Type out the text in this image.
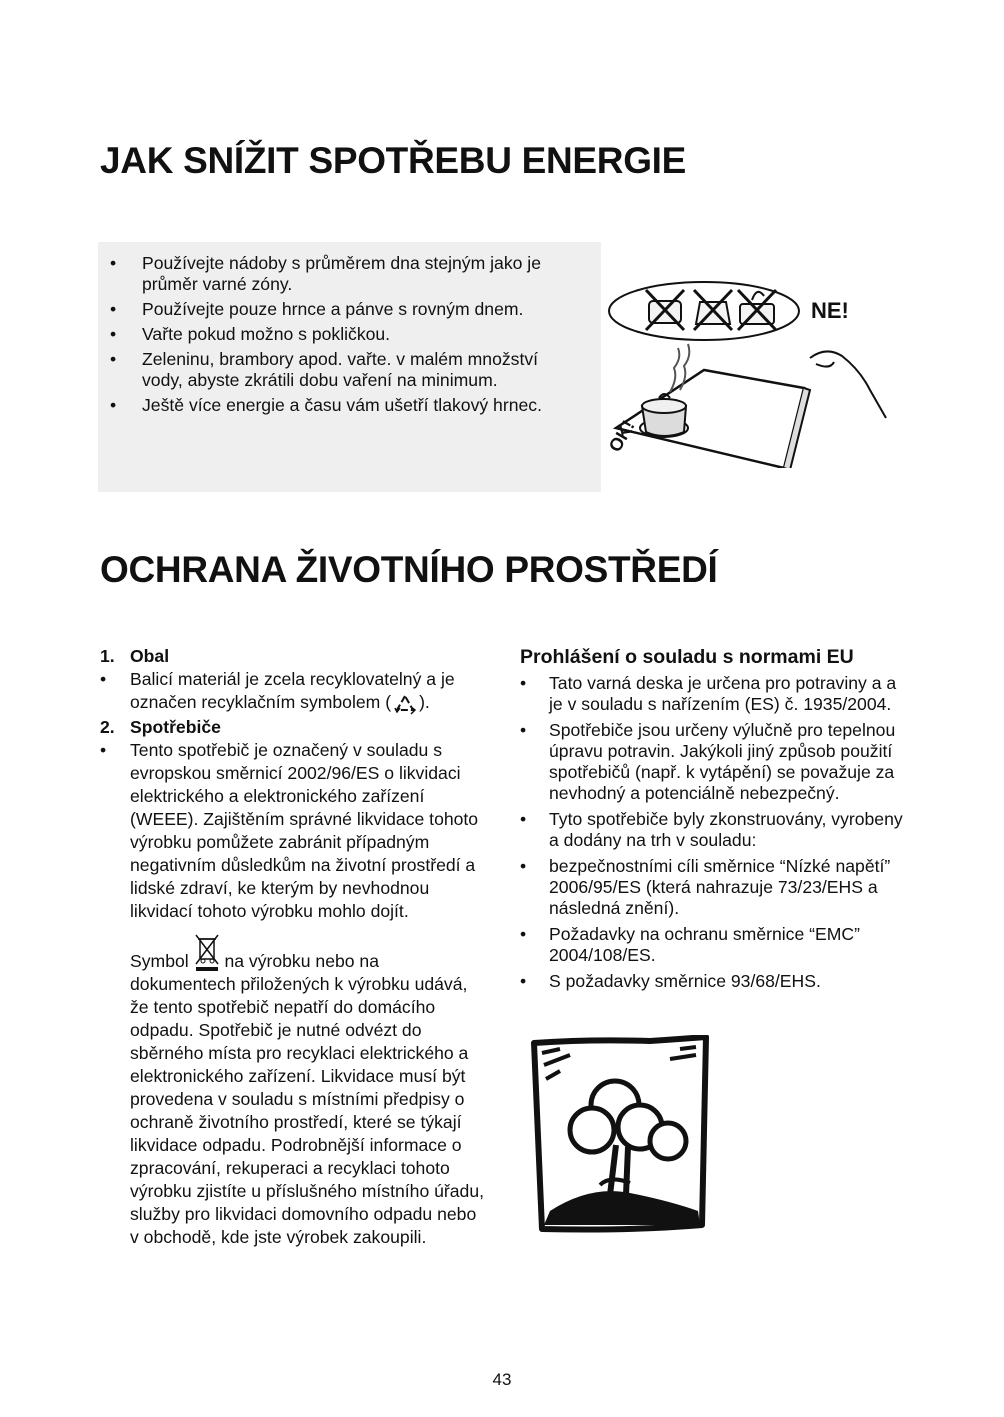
JAK SNÍŽIT SPOTŘEBU ENERGIE
• Používejte nádoby s průměrem dna stejným jako je průměr varné zóny.
• Používejte pouze hrnce a pánve s rovným dnem.
• Vařte pokud možno s pokličkou.
• Zeleninu, brambory apod. vařte. v malém množství vody, abyste zkrátili dobu vaření na minimum.
• Ještě více energie a času vám ušetří tlakový hrnec.
NE!
OK!
OCHRANA ŽIVOTNÍHO PROSTŘEDÍ
1. Obal
• Balicí materiál je zcela recyklovatelný a je označen recyklačním symbolem ( ).
2. Spotřebiče
• Tento spotřebič je označený v souladu s evropskou směrnicí 2002/96/ES o likvidaci elektrického a elektronického zařízení (WEEE). Zajištěním správné likvidace tohoto výrobku pomůžete zabránit případným negativním důsledkům na životní prostředí a lidské zdraví, ke kterým by nevhodnou likvidací tohoto výrobku mohlo dojít.
Symbol na výrobku nebo na dokumentech přiložených k výrobku udává, že tento spotřebič nepatří do domácího odpadu. Spotřebič je nutné odvézt do sběrného místa pro recyklaci elektrického a elektronického zařízení. Likvidace musí být provedena v souladu s místními předpisy o ochraně životního prostředí, které se týkají likvidace odpadu. Podrobnější informace o zpracování, rekuperaci a recyklaci tohoto výrobku zjistíte u příslušného místního úřadu, služby pro likvidaci domovního odpadu nebo v obchodě, kde jste výrobek zakoupili.
Prohlášení o souladu s normami EU
• Tato varná deska je určena pro potraviny a a je v souladu s nařízením (ES) č. 1935/2004.
• Spotřebiče jsou určeny výlučně pro tepelnou úpravu potravin. Jakýkoli jiný způsob použití spotřebičů (např. k vytápění) se považuje za nevhodný a potenciálně nebezpečný.
• Tyto spotřebiče byly zkonstruovány, vyrobeny a dodány na trh v souladu:
• bezpečnostními cíli směrnice “Nízké napětí” 2006/95/ES (která nahrazuje 73/23/EHS a následná znění).
• Požadavky na ochranu směrnice “EMC” 2004/108/ES.
• S požadavky směrnice 93/68/EHS.
43
